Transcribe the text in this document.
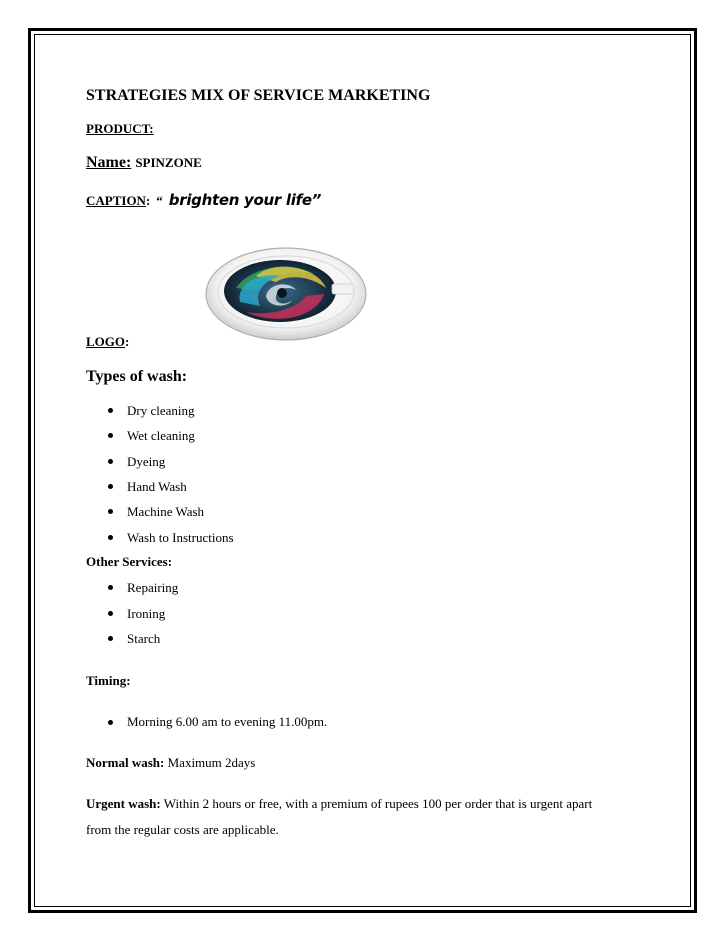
STRATEGIES MIX OF SERVICE MARKETING
PRODUCT:
Name: SPINZONE
CAPTION: “ brighten your life”
LOGO:
Types of wash:
Dry cleaning
Wet cleaning
Dyeing
Hand Wash
Machine Wash
Wash to Instructions
Other Services:
Repairing
Ironing
Starch
Timing:
Morning 6.00 am to evening 11.00pm.
Normal wash: Maximum 2days
Urgent wash: Within 2 hours or free, with a premium of rupees 100 per order that is urgent apart
from the regular costs are applicable.
